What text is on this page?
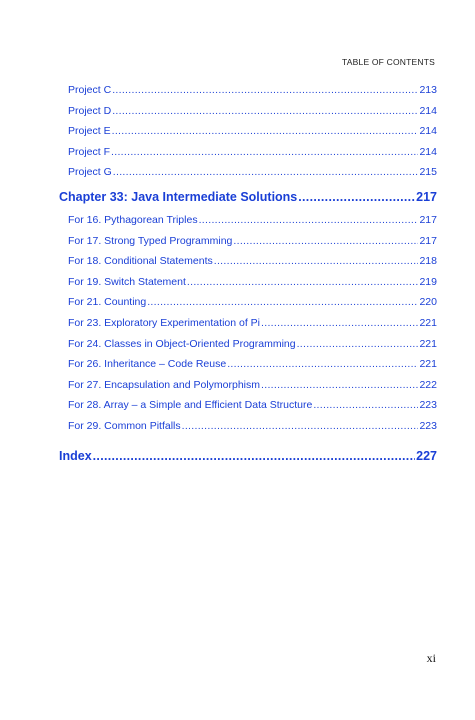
TABLE OF CONTENTS
Project C .....	213
Project D .....	214
Project E .....	214
Project F .....	214
Project G .....	215
Chapter 33: Java Intermediate Solutions .....	217
For 16. Pythagorean Triples .....	217
For 17. Strong Typed Programming .....	217
For 18. Conditional Statements .....	218
For 19. Switch Statement .....	219
For 21. Counting .....	220
For 23. Exploratory Experimentation of Pi .....	221
For 24. Classes in Object-Oriented Programming .....	221
For 26. Inheritance – Code Reuse .....	221
For 27. Encapsulation and Polymorphism .....	222
For 28. Array – a Simple and Efficient Data Structure .....	223
For 29. Common Pitfalls .....	223
Index .....	227
xi
